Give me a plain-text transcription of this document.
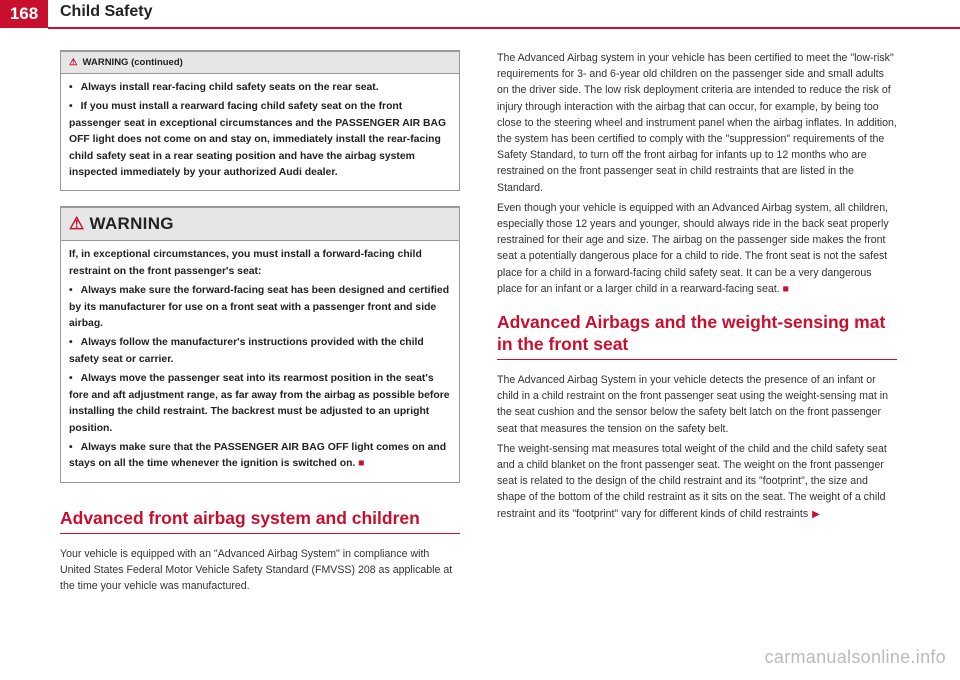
168	Child Safety
⚠ WARNING (continued)

• Always install rear-facing child safety seats on the rear seat.

• If you must install a rearward facing child safety seat on the front passenger seat in exceptional circumstances and the PASSENGER AIR BAG OFF light does not come on and stay on, immediately install the rear-facing child safety seat in a rear seating position and have the airbag system inspected immediately by your authorized Audi dealer.

⚠ WARNING

If, in exceptional circumstances, you must install a forward-facing child restraint on the front passenger's seat:

• Always make sure the forward-facing seat has been designed and certified by its manufacturer for use on a front seat with a passenger front and side airbag.

• Always follow the manufacturer's instructions provided with the child safety seat or carrier.

• Always move the passenger seat into its rearmost position in the seat's fore and aft adjustment range, as far away from the airbag as possible before installing the child restraint. The backrest must be adjusted to an upright position.

• Always make sure that the PASSENGER AIR BAG OFF light comes on and stays on all the time whenever the ignition is switched on. ■

Advanced front airbag system and children

Your vehicle is equipped with an "Advanced Airbag System" in compliance with United States Federal Motor Vehicle Safety Standard (FMVSS) 208 as applicable at the time your vehicle was manufactured.

The Advanced Airbag system in your vehicle has been certified to meet the "low-risk" requirements for 3- and 6-year old children on the passenger side and small adults on the driver side. The low risk deployment criteria are intended to reduce the risk of injury through interaction with the airbag that can occur, for example, by being too close to the steering wheel and instrument panel when the airbag inflates. In addition, the system has been certified to comply with the "suppression" requirements of the Safety Standard, to turn off the front airbag for infants up to 12 months who are restrained on the front passenger seat in child restraints that are listed in the Standard.

Even though your vehicle is equipped with an Advanced Airbag system, all children, especially those 12 years and younger, should always ride in the back seat properly restrained for their age and size. The airbag on the passenger side makes the front seat a potentially dangerous place for a child to ride. The front seat is not the safest place for a child in a forward-facing child safety seat. It can be a very dangerous place for an infant or a larger child in a rearward-facing seat. ■

Advanced Airbags and the weight-sensing mat in the front seat

The Advanced Airbag System in your vehicle detects the presence of an infant or child in a child restraint on the front passenger seat using the weight-sensing mat in the seat cushion and the sensor below the safety belt latch on the front passenger seat that measures the tension on the safety belt.

The weight-sensing mat measures total weight of the child and the child safety seat and a child blanket on the front passenger seat. The weight on the front passenger seat is related to the design of the child restraint and its "footprint", the size and shape of the bottom of the child restraint as it sits on the seat. The weight of a child restraint and its "footprint" vary for different kinds of child restraints ▶

carmanualsonline.info
